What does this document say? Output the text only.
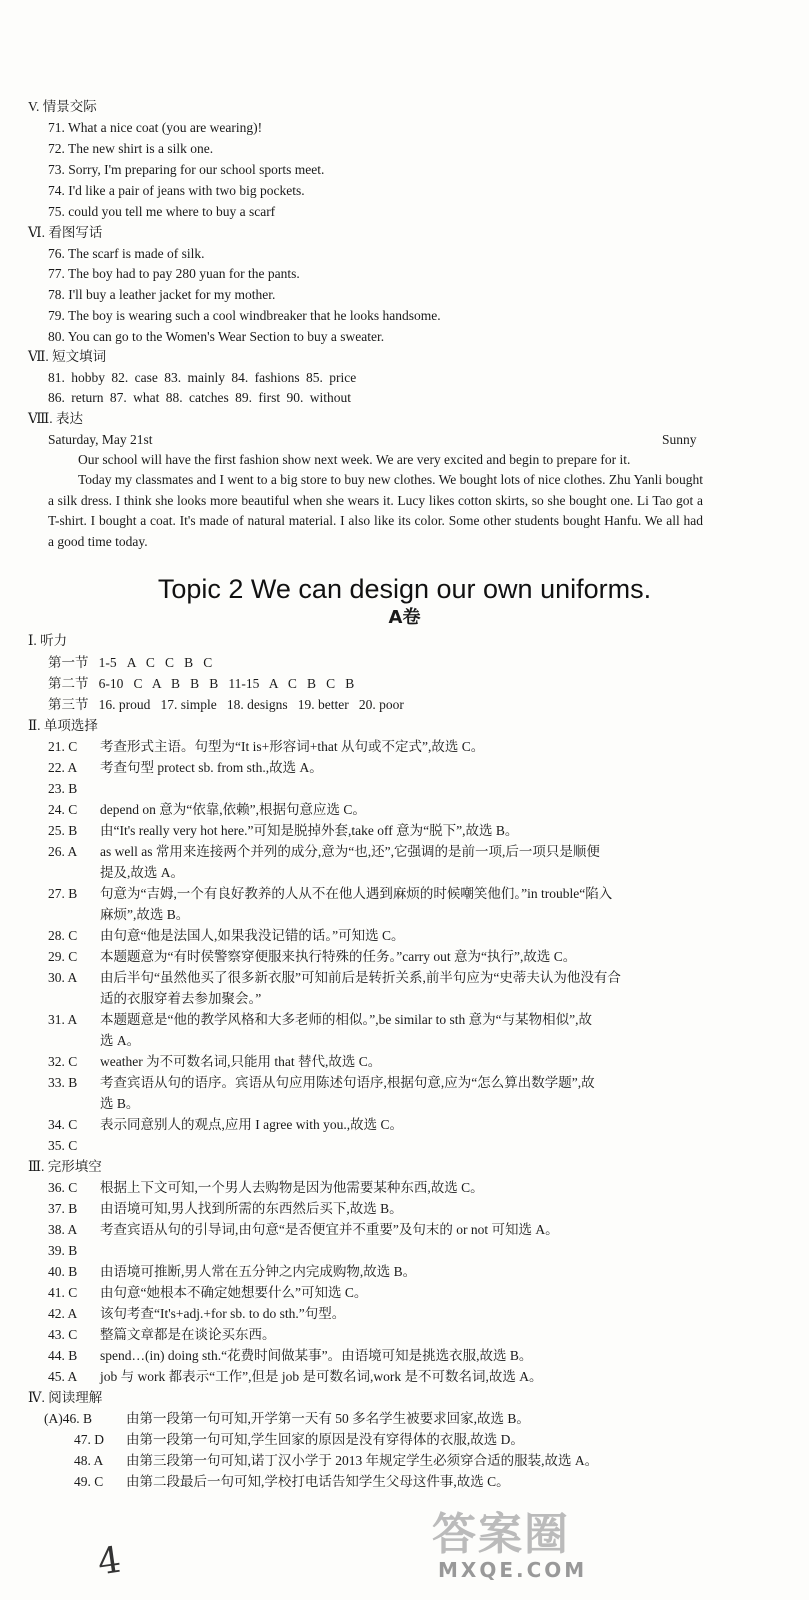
V. 情景交际
71. What a nice coat (you are wearing)!
72. The new shirt is a silk one.
73. Sorry, I'm preparing for our school sports meet.
74. I'd like a pair of jeans with two big pockets.
75. could you tell me where to buy a scarf
Ⅵ. 看图写话
76. The scarf is made of silk.
77. The boy had to pay 280 yuan for the pants.
78. I'll buy a leather jacket for my mother.
79. The boy is wearing such a cool windbreaker that he looks handsome.
80. You can go to the Women's Wear Section to buy a sweater.
Ⅶ. 短文填词
81. hobby 82. case 83. mainly 84. fashions 85. price
86. return 87. what 88. catches 89. first 90. without
Ⅷ. 表达
Saturday, May 21st	Sunny
Our school will have the first fashion show next week. We are very excited and begin to prepare for it.
Today my classmates and I went to a big store to buy new clothes. We bought lots of nice clothes. Zhu Yanli bought a silk dress. I think she looks more beautiful when she wears it. Lucy likes cotton skirts, so she bought one. Li Tao got a T-shirt. I bought a coat. It's made of natural material. I also like its color. Some other students bought Hanfu. We all had a good time today.
Topic 2 We can design our own uniforms.
A卷
Ⅰ. 听力
第一节   1-5   A   C   C   B   C
第二节   6-10   C   A   B   B   B   11-15   A   C   B   C   B
第三节   16. proud   17. simple   18. designs   19. better   20. poor
Ⅱ. 单项选择
21. C	考查形式主语。句型为“It is+形容词+that 从句或不定式”,故选 C。
22. A	考查句型 protect sb. from sth.,故选 A。
23. B
24. C	depend on 意为“依靠,依赖”,根据句意应选 C。
25. B	由“It's really very hot here.”可知是脱掉外套,take off 意为“脱下”,故选 B。
26. A	as well as 常用来连接两个并列的成分,意为“也,还”,它强调的是前一项,后一项只是顺便
提及,故选 A。
27. B	句意为“吉姆,一个有良好教养的人从不在他人遇到麻烦的时候嘲笑他们。”in trouble“陷入
麻烦”,故选 B。
28. C	由句意“他是法国人,如果我没记错的话。”可知选 C。
29. C	本题题意为“有时侯警察穿便服来执行特殊的任务。”carry out 意为“执行”,故选 C。
30. A	由后半句“虽然他买了很多新衣服”可知前后是转折关系,前半句应为“史蒂夫认为他没有合
适的衣服穿着去参加聚会。”
31. A	本题题意是“他的教学风格和大多老师的相似。”,be similar to sth 意为“与某物相似”,故
选 A。
32. C	weather 为不可数名词,只能用 that 替代,故选 C。
33. B	考查宾语从句的语序。宾语从句应用陈述句语序,根据句意,应为“怎么算出数学题”,故
选 B。
34. C	表示同意别人的观点,应用 I agree with you.,故选 C。
35. C
Ⅲ. 完形填空
36. C	根据上下文可知,一个男人去购物是因为他需要某种东西,故选 C。
37. B	由语境可知,男人找到所需的东西然后买下,故选 B。
38. A	考查宾语从句的引导词,由句意“是否便宜并不重要”及句末的 or not 可知选 A。
39. B
40. B	由语境可推断,男人常在五分钟之内完成购物,故选 B。
41. C	由句意“她根本不确定她想要什么”可知选 C。
42. A	该句考查“It's+adj.+for sb. to do sth.”句型。
43. C	整篇文章都是在谈论买东西。
44. B	spend…(in) doing sth.“花费时间做某事”。由语境可知是挑选衣服,故选 B。
45. A	job 与 work 都表示“工作”,但是 job 是可数名词,work 是不可数名词,故选 A。
Ⅳ. 阅读理解
(A)46. B	由第一段第一句可知,开学第一天有 50 多名学生被要求回家,故选 B。
47. D 由第一段第一句可知,学生回家的原因是没有穿得体的衣服,故选 D。
48. A 由第三段第一句可知,诺丁汉小学于 2013 年规定学生必须穿合适的服装,故选 A。
49. C 由第二段最后一句可知,学校打电话告知学生父母这件事,故选 C。
4
答案圈
MXQE.COM
